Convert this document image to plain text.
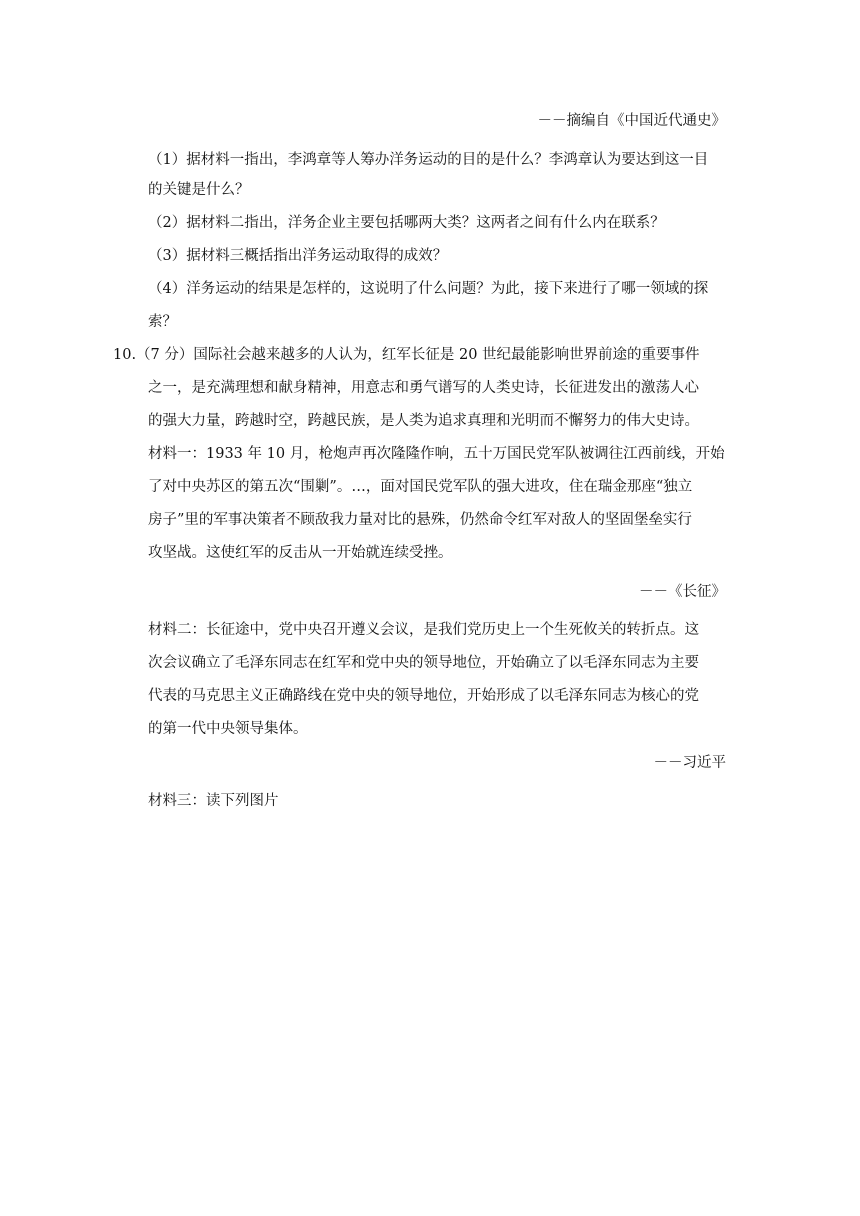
－－摘编自《中国近代通史》
（1）据材料一指出，李鸿章等人筹办洋务运动的目的是什么？李鸿章认为要达到这一目
的关键是什么？
（2）据材料二指出，洋务企业主要包括哪两大类？这两者之间有什么内在联系？
（3）据材料三概括指出洋务运动取得的成效？
（4）洋务运动的结果是怎样的，这说明了什么问题？为此，接下来进行了哪一领域的探
索？
10.（7 分）国际社会越来越多的人认为，红军长征是 20 世纪最能影响世界前途的重要事件
之一，是充满理想和献身精神，用意志和勇气谱写的人类史诗，长征进发出的激荡人心
的强大力量，跨越时空，跨越民族，是人类为追求真理和光明而不懈努力的伟大史诗。
材料一：1933 年 10 月，枪炮声再次隆隆作响，五十万国民党军队被调往江西前线，开始
了对中央苏区的第五次“围剿”。…，面对国民党军队的强大进攻，住在瑞金那座“独立
房子”里的军事决策者不顾敌我力量对比的悬殊，仍然命令红军对敌人的坚固堡垒实行
攻坚战。这使红军的反击从一开始就连续受挫。
－－《长征》
材料二：长征途中，党中央召开遵义会议，是我们党历史上一个生死攸关的转折点。这
次会议确立了毛泽东同志在红军和党中央的领导地位，开始确立了以毛泽东同志为主要
代表的马克思主义正确路线在党中央的领导地位，开始形成了以毛泽东同志为核心的党
的第一代中央领导集体。
－－习近平
材料三：读下列图片
